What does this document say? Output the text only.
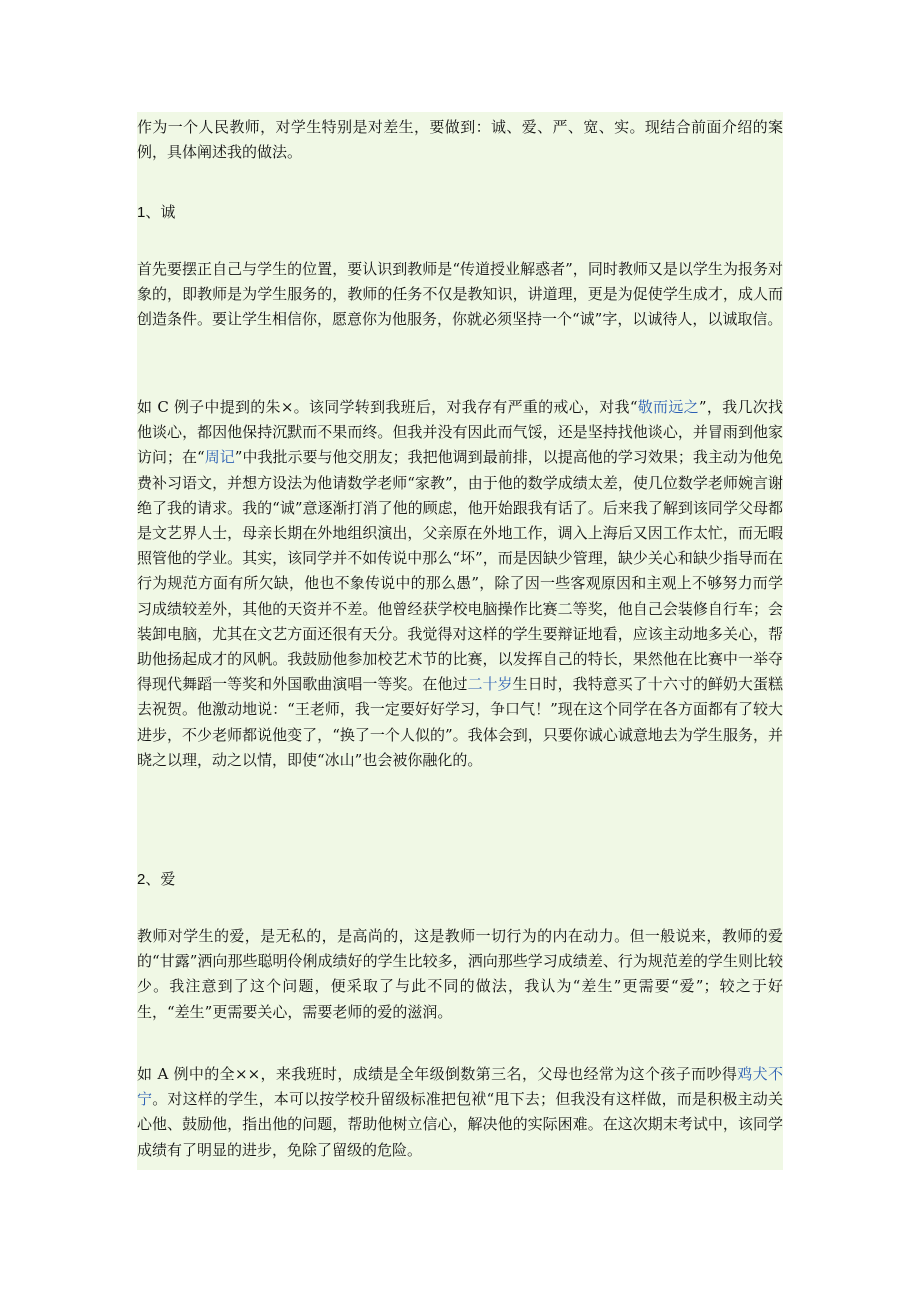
作为一个人民教师，对学生特别是对差生，要做到：诚、爱、严、宽、实。现结合前面介绍的案例，具体阐述我的做法。

1、诚

首先要摆正自己与学生的位置，要认识到教师是“传道授业解惑者”，同时教师又是以学生为报务对象的，即教师是为学生服务的，教师的任务不仅是教知识，讲道理，更是为促使学生成才，成人而创造条件。要让学生相信你，愿意你为他服务，你就必须坚持一个“诚”字，以诚待人，以诚取信。

如 C 例子中提到的朱×。该同学转到我班后，对我存有严重的戒心，对我“敬而远之”，我几次找他谈心，都因他保持沉默而不果而终。但我并没有因此而气馁，还是坚持找他谈心，并冒雨到他家访问；在“周记”中我批示要与他交朋友；我把他调到最前排，以提高他的学习效果；我主动为他免费补习语文，并想方设法为他请数学老师“家教”，由于他的数学成绩太差，使几位数学老师婉言谢绝了我的请求。我的“诚”意逐渐打消了他的顾虑，他开始跟我有话了。后来我了解到该同学父母都是文艺界人士，母亲长期在外地组织演出，父亲原在外地工作，调入上海后又因工作太忙，而无暇照管他的学业。其实，该同学并不如传说中那么“坏”，而是因缺少管理，缺少关心和缺少指导而在行为规范方面有所欠缺，他也不象传说中的那么愚”，除了因一些客观原因和主观上不够努力而学习成绩较差外，其他的天资并不差。他曾经获学校电脑操作比赛二等奖，他自己会装修自行车；会装卸电脑，尤其在文艺方面还很有天分。我觉得对这样的学生要辩证地看，应该主动地多关心，帮助他扬起成才的风帆。我鼓励他参加校艺术节的比赛，以发挥自己的特长，果然他在比赛中一举夺得现代舞蹈一等奖和外国歌曲演唱一等奖。在他过二十岁生日时，我特意买了十六寸的鲜奶大蛋糕去祝贺。他激动地说：“王老师，我一定要好好学习，争口气！”现在这个同学在各方面都有了较大进步，不少老师都说他变了，“换了一个人似的”。我体会到，只要你诚心诚意地去为学生服务，并晓之以理，动之以情，即使“冰山”也会被你融化的。

2、爱

教师对学生的爱，是无私的，是高尚的，这是教师一切行为的内在动力。但一般说来，教师的爱的“甘露”洒向那些聪明伶俐成绩好的学生比较多，洒向那些学习成绩差、行为规范差的学生则比较少。我注意到了这个问题，便采取了与此不同的做法，我认为“差生”更需要“爱”；较之于好生，“差生”更需要关心，需要老师的爱的滋润。

如 A 例中的全××，来我班时，成绩是全年级倒数第三名，父母也经常为这个孩子而吵得鸡犬不宁。对这样的学生，本可以按学校升留级标准把包袱“甩下去；但我没有这样做，而是积极主动关心他、鼓励他，指出他的问题，帮助他树立信心，解决他的实际困难。在这次期末考试中，该同学成绩有了明显的进步，免除了留级的危险。
